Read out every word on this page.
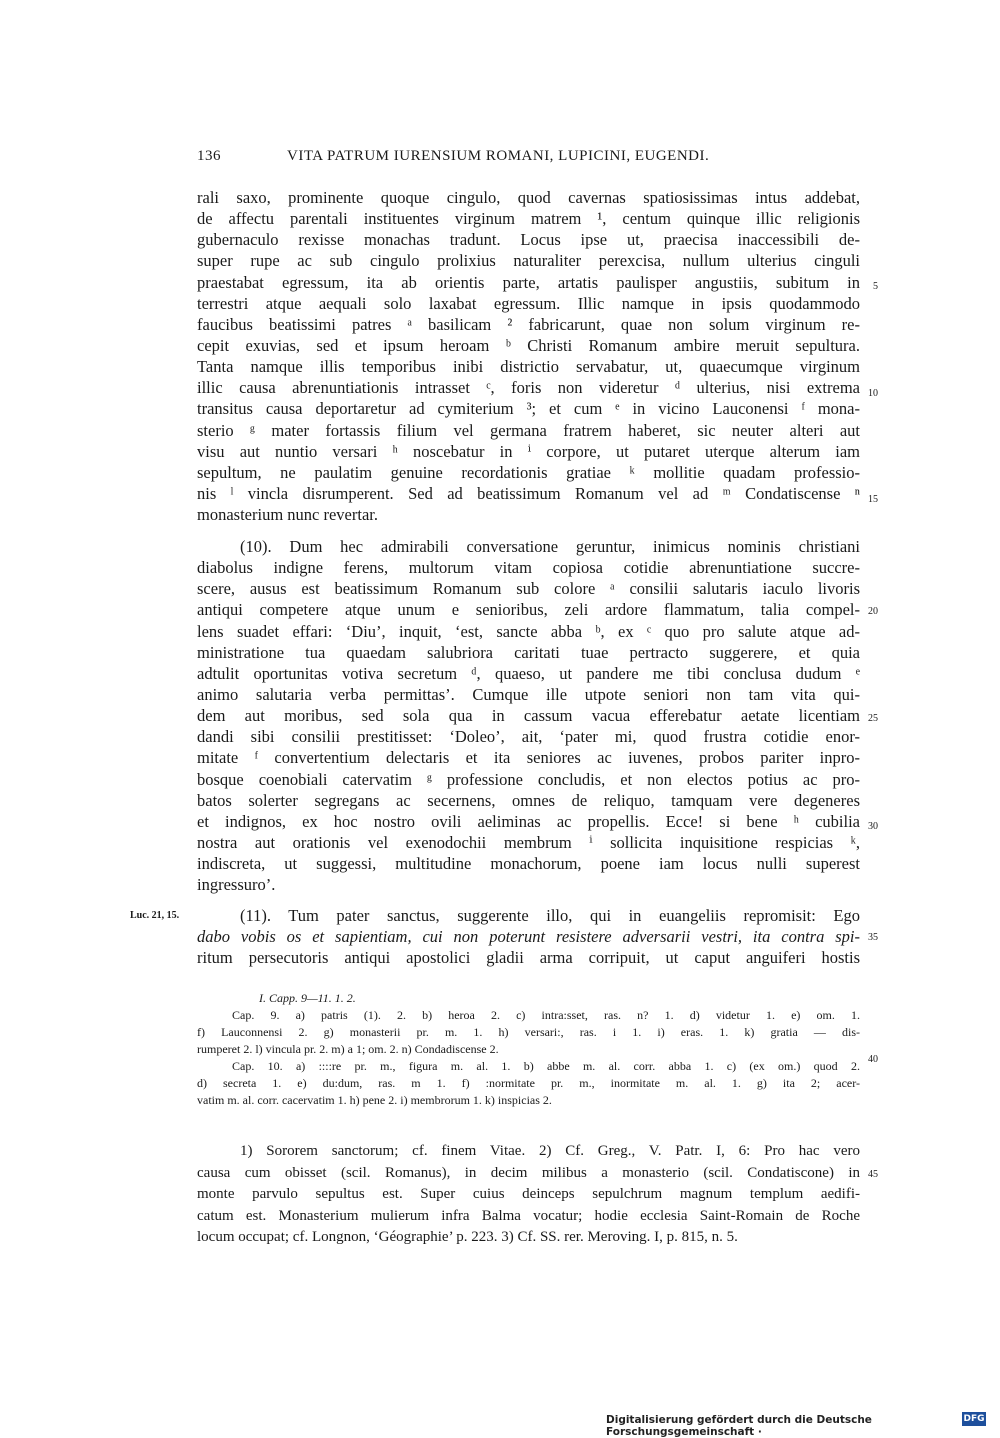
136	VITA PATRUM IURENSIUM ROMANI, LUPICINI, EUGENDI.
rali saxo, prominente quoque cingulo, quod cavernas spatiosissimas intus addebat,
de affectu parentali instituentes virginum matrem ¹, centum quinque illic religionis
gubernaculo rexisse monachas tradunt. Locus ipse ut, praecisa inaccessibili de-
super rupe ac sub cingulo prolixius naturaliter perexcisa, nullum ulterius cinguli
praestabat egressum, ita ab orientis parte, artatis paulisper angustiis, subitum in
terrestri atque aequali solo laxabat egressum. Illic namque in ipsis quodammodo
faucibus beatissimi patres ᵃ basilicam ² fabricarunt, quae non solum virginum re-
cepit exuvias, sed et ipsum heroam ᵇ Christi Romanum ambire meruit sepultura.
Tanta namque illis temporibus inibi districtio servabatur, ut, quaecumque virginum
illic causa abrenuntiationis intrasset ᶜ, foris non videretur ᵈ ulterius, nisi extrema
transitus causa deportaretur ad cymiterium ³; et cum ᵉ in vicino Lauconensi ᶠ mona-
sterio ᵍ mater fortassis filium vel germana fratrem haberet, sic neuter alteri aut
visu aut nuntio versari ʰ noscebatur in ⁱ corpore, ut putaret uterque alterum iam
sepultum, ne paulatim genuine recordationis gratiae ᵏ mollitie quadam professio-
nis ˡ vincla disrumperent. Sed ad beatissimum Romanum vel ad ᵐ Condatiscense ⁿ
monasterium nunc revertar.
(10). Dum hec admirabili conversatione geruntur, inimicus nominis christiani
diabolus indigne ferens, multorum vitam copiosa cotidie abrenuntiatione succre-
scere, ausus est beatissimum Romanum sub colore ᵃ consilii salutaris iaculo livoris
antiqui competere atque unum e senioribus, zeli ardore flammatum, talia compel-
lens suadet effari: ‘Diu’, inquit, ‘est, sancte abba ᵇ, ex ᶜ quo pro salute atque ad-
ministratione tua quaedam salubriora caritati tuae pertracto suggerere, et quia
adtulit oportunitas votiva secretum ᵈ, quaeso, ut pandere me tibi conclusa dudum ᵉ
animo salutaria verba permittas’. Cumque ille utpote seniori non tam vita qui-
dem aut moribus, sed sola qua in cassum vacua efferebatur aetate licentiam
dandi sibi consilii prestitisset: ‘Doleo’, ait, ‘pater mi, quod frustra cotidie enor-
mitate ᶠ convertentium delectaris et ita seniores ac iuvenes, probos pariter inpro-
bosque coenobiali catervatim ᵍ professione concludis, et non electos potius ac pro-
batos solerter segregans ac secernens, omnes de reliquo, tamquam vere degeneres
et indignos, ex hoc nostro ovili aeliminas ac propellis. Ecce! si bene ʰ cubilia
nostra aut orationis vel exenodochii membrum ⁱ sollicita inquisitione respicias ᵏ,
indiscreta, ut suggessi, multitudine monachorum, poene iam locus nulli superest
ingressuro’.
(11). Tum pater sanctus, suggerente illo, qui in euangeliis repromisit: Ego
dabo vobis os et sapientiam, cui non poterunt resistere adversarii vestri, ita contra spi-
ritum persecutoris antiqui apostolici gladii arma corripuit, ut caput anguiferi hostis
5
10
15
20
25
30
35
40
45
Luc. 21, 15.
I. Capp. 9—11. 1. 2.
Cap. 9. a) patris (1). 2. b) heroa 2. c) intra:sset, ras. n? 1. d) videtur 1. e) om. 1.
f) Lauconnensi 2. g) monasterii pr. m. 1. h) versari:, ras. i 1. i) eras. 1. k) gratia — dis-
rumperet 2. l) vincula pr. 2. m) a 1; om. 2. n) Condadiscense 2.
Cap. 10. a) ::::re pr. m., figura m. al. 1. b) abbe m. al. corr. abba 1. c) (ex om.) quod 2.
d) secreta 1. e) du:dum, ras. m 1. f) :normitate pr. m., inormitate m. al. 1. g) ita 2; acer-
vatim m. al. corr. cacervatim 1. h) pene 2. i) membrorum 1. k) inspicias 2.
1) Sororem sanctorum; cf. finem Vitae. 2) Cf. Greg., V. Patr. I, 6: Pro hac vero
causa cum obisset (scil. Romanus), in decim milibus a monasterio (scil. Condatiscone) in
monte parvulo sepultus est. Super cuius deinceps sepulchrum magnum templum aedifi-
catum est. Monasterium mulierum infra Balma vocatur; hodie ecclesia Saint-Romain de Roche
locum occupat; cf. Longnon, ‘Géographie’ p. 223. 3) Cf. SS. rer. Meroving. I, p. 815, n. 5.
Digitalisierung gefördert durch die Deutsche Forschungsgemeinschaft ·
DFG
